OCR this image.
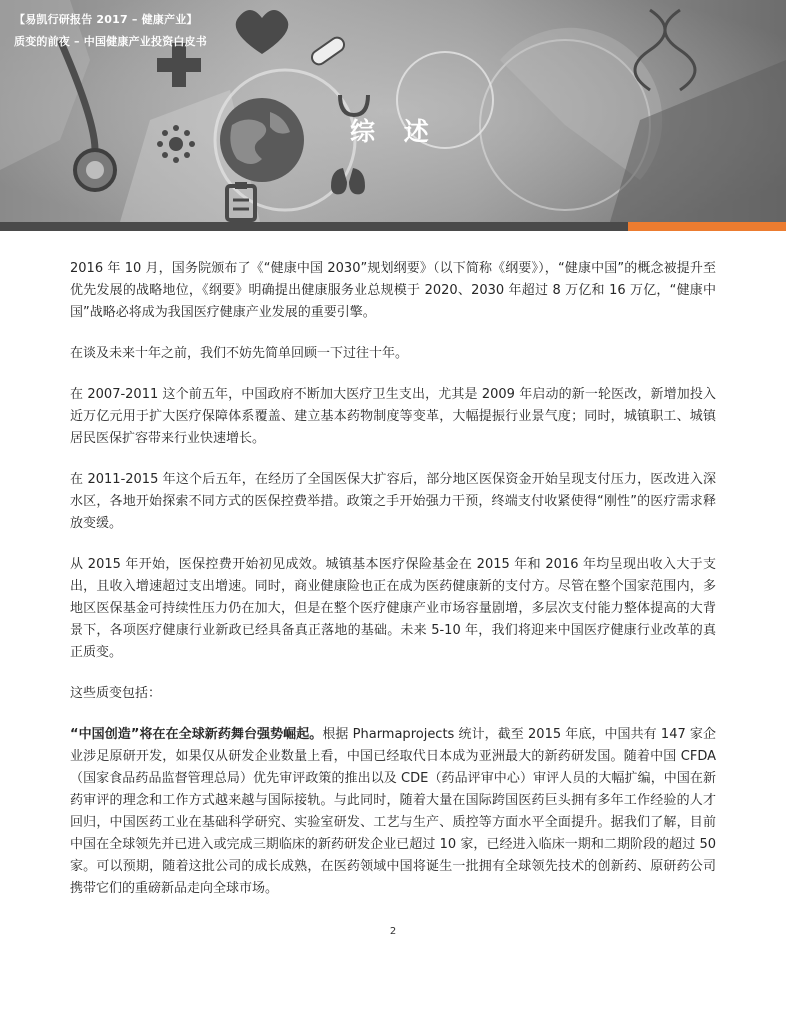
【易凯行研报告 2017 – 健康产业】
质变的前夜 – 中国健康产业投资白皮书
综 述

2016 年 10 月，国务院颁布了《“健康中国 2030”规划纲要》（以下简称《纲要》），“健康中国”的概念被提升至优先发展的战略地位，《纲要》明确提出健康服务业总规模于 2020、2030 年超过 8 万亿和 16 万亿，“健康中国”战略必将成为我国医疗健康产业发展的重要引擎。

在谈及未来十年之前，我们不妨先简单回顾一下过往十年。

在 2007-2011 这个前五年，中国政府不断加大医疗卫生支出，尤其是 2009 年启动的新一轮医改，新增加投入近万亿元用于扩大医疗保障体系覆盖、建立基本药物制度等变革，大幅提振行业景气度；同时，城镇职工、城镇居民医保扩容带来行业快速增长。

在 2011-2015 年这个后五年，在经历了全国医保大扩容后，部分地区医保资金开始呈现支付压力，医改进入深水区，各地开始探索不同方式的医保控费举措。政策之手开始强力干预，终端支付收紧使得“刚性”的医疗需求释放变缓。

从 2015 年开始，医保控费开始初见成效。城镇基本医疗保险基金在 2015 年和 2016 年均呈现出收入大于支出，且收入增速超过支出增速。同时，商业健康险也正在成为医药健康新的支付方。尽管在整个国家范围内，多地区医保基金可持续性压力仍在加大，但是在整个医疗健康产业市场容量剧增，多层次支付能力整体提高的大背景下，各项医疗健康行业新政已经具备真正落地的基础。未来 5-10 年，我们将迎来中国医疗健康行业改革的真正质变。

这些质变包括：

“中国创造”将在在全球新药舞台强势崛起。根据 Pharmaprojects 统计，截至 2015 年底，中国共有 147 家企业涉足原研开发，如果仅从研发企业数量上看，中国已经取代日本成为亚洲最大的新药研发国。随着中国 CFDA（国家食品药品监督管理总局）优先审评政策的推出以及 CDE（药品评审中心）审评人员的大幅扩编，中国在新药审评的理念和工作方式越来越与国际接轨。与此同时，随着大量在国际跨国医药巨头拥有多年工作经验的人才回归，中国医药工业在基础科学研究、实验室研发、工艺与生产、质控等方面水平全面提升。据我们了解，目前中国在全球领先并已进入或完成三期临床的新药研发企业已超过 10 家，已经进入临床一期和二期阶段的超过 50 家。可以预期，随着这批公司的成长成熟，在医药领域中国将诞生一批拥有全球领先技术的创新药、原研药公司携带它们的重磅新品走向全球市场。

2
